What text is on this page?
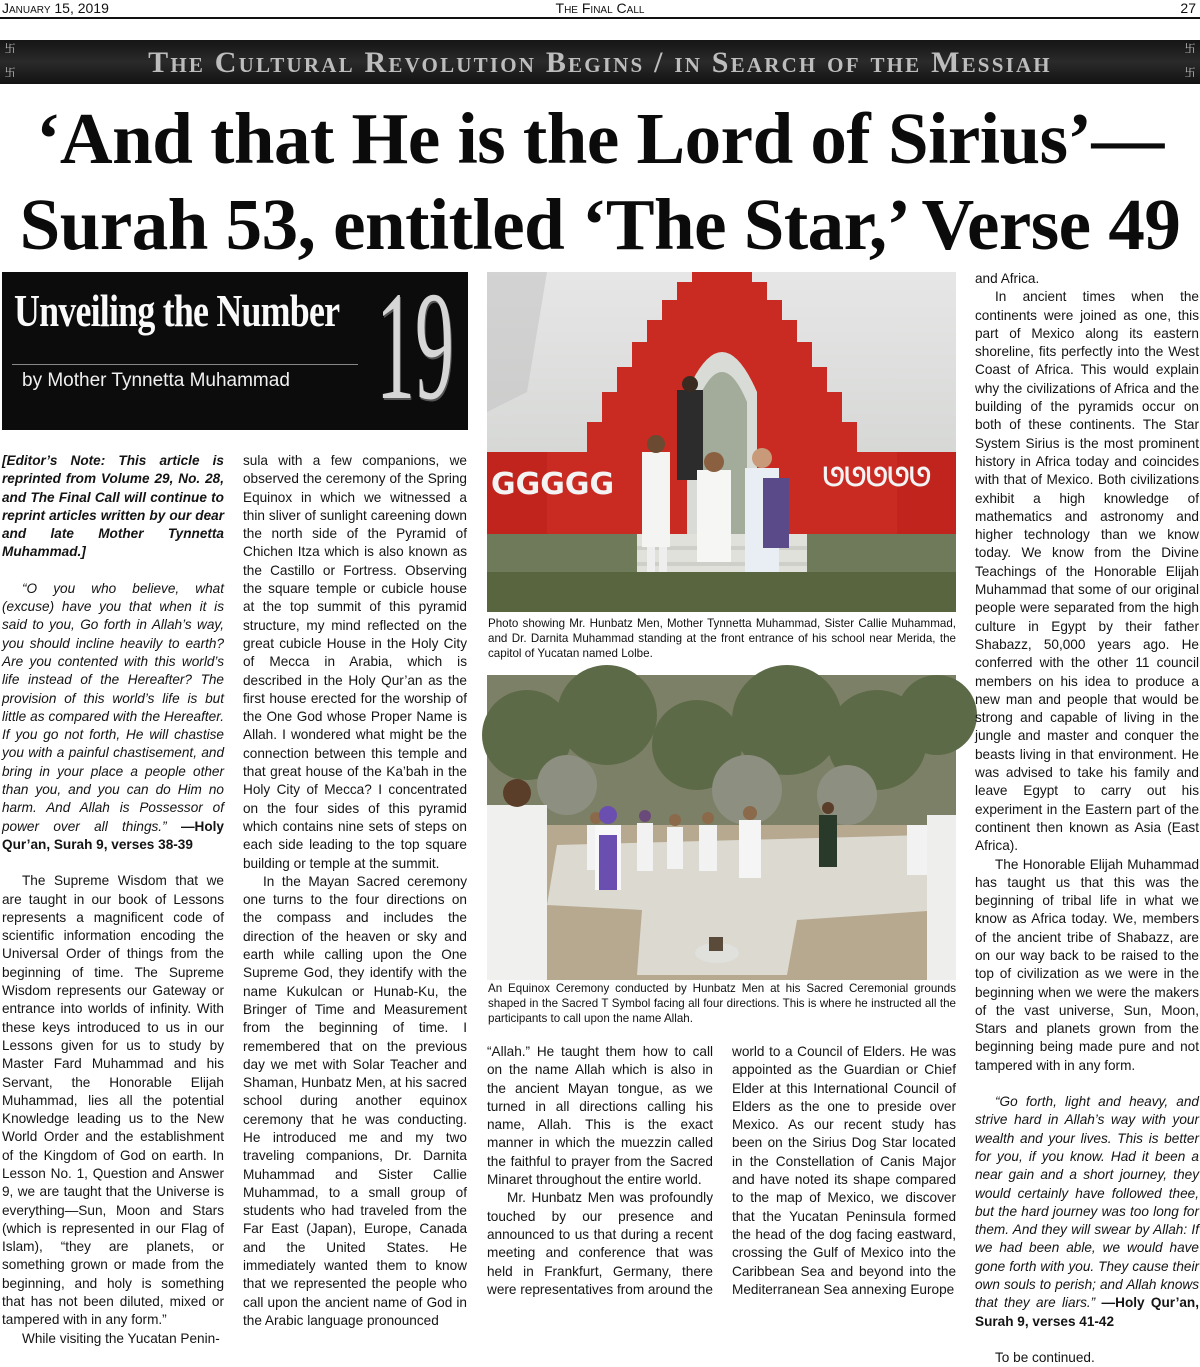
January 15, 2019	The Final Call	27
卐

卐	The Cultural Revolution Begins / in Search of the Messiah	卐

卐
‘And that He is the Lord of Sirius’—
Surah 53, entitled ‘The Star,’ Verse 49
Unveiling the Number
by Mother Tynnetta Muhammad 19

[Editor’s Note: This article is reprinted from Volume 29, No. 28, and The Final Call will continue to reprint articles written by our dear and late Mother Tynnetta Muhammad.]

“O you who believe, what (excuse) have you that when it is said to you, Go forth in Allah’s way, you should incline heavily to earth? Are you contented with this world’s life instead of the Hereafter? The provision of this world’s life is but little as compared with the Hereafter. If you go not forth, He will chastise you with a painful chastisement, and bring in your place a people other than you, and you can do Him no harm. And Allah is Possessor of power over all things.” —Holy Qur’an, Surah 9, verses 38-39

The Supreme Wisdom that we are taught in our book of Lessons represents a magnificent code of scientific information encoding the Universal Order of things from the beginning of time. The Supreme Wisdom represents our Gateway or entrance into worlds of infinity. With these keys introduced to us in our Lessons given for us to study by Master Fard Muhammad and his Servant, the Honorable Elijah Muhammad, lies all the potential Knowledge leading us to the New World Order and the establishment of the Kingdom of God on earth. In Lesson No. 1, Question and Answer 9, we are taught that the Universe is everything—Sun, Moon and Stars (which is represented in our Flag of Islam), “they are planets, or something grown or made from the beginning, and holy is something that has not been diluted, mixed or tampered with in any form.”

While visiting the Yucatan Penin-

sula with a few companions, we observed the ceremony of the Spring Equinox in which we witnessed a thin sliver of sunlight careening down the north side of the Pyramid of Chichen Itza which is also known as the Castillo or Fortress. Observing the square temple or cubicle house at the top summit of this pyramid structure, my mind reflected on the great cubicle House in the Holy City of Mecca in Arabia, which is described in the Holy Qur’an as the first house erected for the worship of the One God whose Proper Name is Allah. I wondered what might be the connection between this temple and that great house of the Ka’bah in the Holy City of Mecca? I concentrated on the four sides of this pyramid which contains nine sets of steps on each side leading to the top square building or temple at the summit.

In the Mayan Sacred ceremony one turns to the four directions on the compass and includes the direction of the heaven or sky and earth while calling upon the One Supreme God, they identify with the name Kukulcan or Hunab-Ku, the Bringer of Time and Measurement from the beginning of time. I remembered that on the previous day we met with Solar Teacher and Shaman, Hunbatz Men, at his sacred school during another equinox ceremony that he was conducting. He introduced me and my two traveling companions, Dr. Darnita Muhammad and Sister Callie Muhammad, to a small group of students who had traveled from the Far East (Japan), Europe, Canada and the United States. He immediately wanted them to know that we represented the people who call upon the ancient name of God in the Arabic language pronounced

GGGGG	ᘎᘎᘎᘎᘎ
Photo showing Mr. Hunbatz Men, Mother Tynnetta Muhammad, Sister Callie Muhammad, and Dr. Darnita Muhammad standing at the front entrance of his school near Merida, the capitol of Yucatan named Lolbe.
An Equinox Ceremony conducted by Hunbatz Men at his Sacred Ceremonial grounds shaped in the Sacred T Symbol facing all four directions. This is where he instructed all the participants to call upon the name Allah.

“Allah.” He taught them how to call on the name Allah which is also in the ancient Mayan tongue, as we turned in all directions calling his name, Allah. This is the exact manner in which the muezzin called the faithful to prayer from the Sacred Minaret throughout the entire world.

Mr. Hunbatz Men was profoundly touched by our presence and announced to us that during a recent meeting and conference that was held in Frankfurt, Germany, there were representatives from around the

world to a Council of Elders. He was appointed as the Guardian or Chief Elder at this International Council of Elders as the one to preside over Mexico. As our recent study has been on the Sirius Dog Star located in the Constellation of Canis Major and have noted its shape compared to the map of Mexico, we discover that the Yucatan Peninsula formed the head of the dog facing eastward, crossing the Gulf of Mexico into the Caribbean Sea and beyond into the Mediterranean Sea annexing Europe

and Africa.

In ancient times when the continents were joined as one, this part of Mexico along its eastern shoreline, fits perfectly into the West Coast of Africa. This would explain why the civilizations of Africa and the building of the pyramids occur on both of these continents. The Star System Sirius is the most prominent history in Africa today and coincides with that of Mexico. Both civilizations exhibit a high knowledge of mathematics and astronomy and higher technology than we know today. We know from the Divine Teachings of the Honorable Elijah Muhammad that some of our original people were separated from the high culture in Egypt by their father Shabazz, 50,000 years ago. He conferred with the other 11 council members on his idea to produce a new man and people that would be strong and capable of living in the jungle and master and conquer the beasts living in that environment. He was advised to take his family and leave Egypt to carry out his experiment in the Eastern part of the continent then known as Asia (East Africa).

The Honorable Elijah Muhammad has taught us that this was the beginning of tribal life in what we know as Africa today. We, members of the ancient tribe of Shabazz, are on our way back to be raised to the top of civilization as we were in the beginning when we were the makers of the vast universe, Sun, Moon, Stars and planets grown from the beginning being made pure and not tampered with in any form.

“Go forth, light and heavy, and strive hard in Allah’s way with your wealth and your lives. This is better for you, if you know. Had it been a near gain and a short journey, they would certainly have followed thee, but the hard journey was too long for them. And they will swear by Allah: If we had been able, we would have gone forth with you. They cause their own souls to perish; and Allah knows that they are liars.” —Holy Qur’an, Surah 9, verses 41-42

To be continued.
